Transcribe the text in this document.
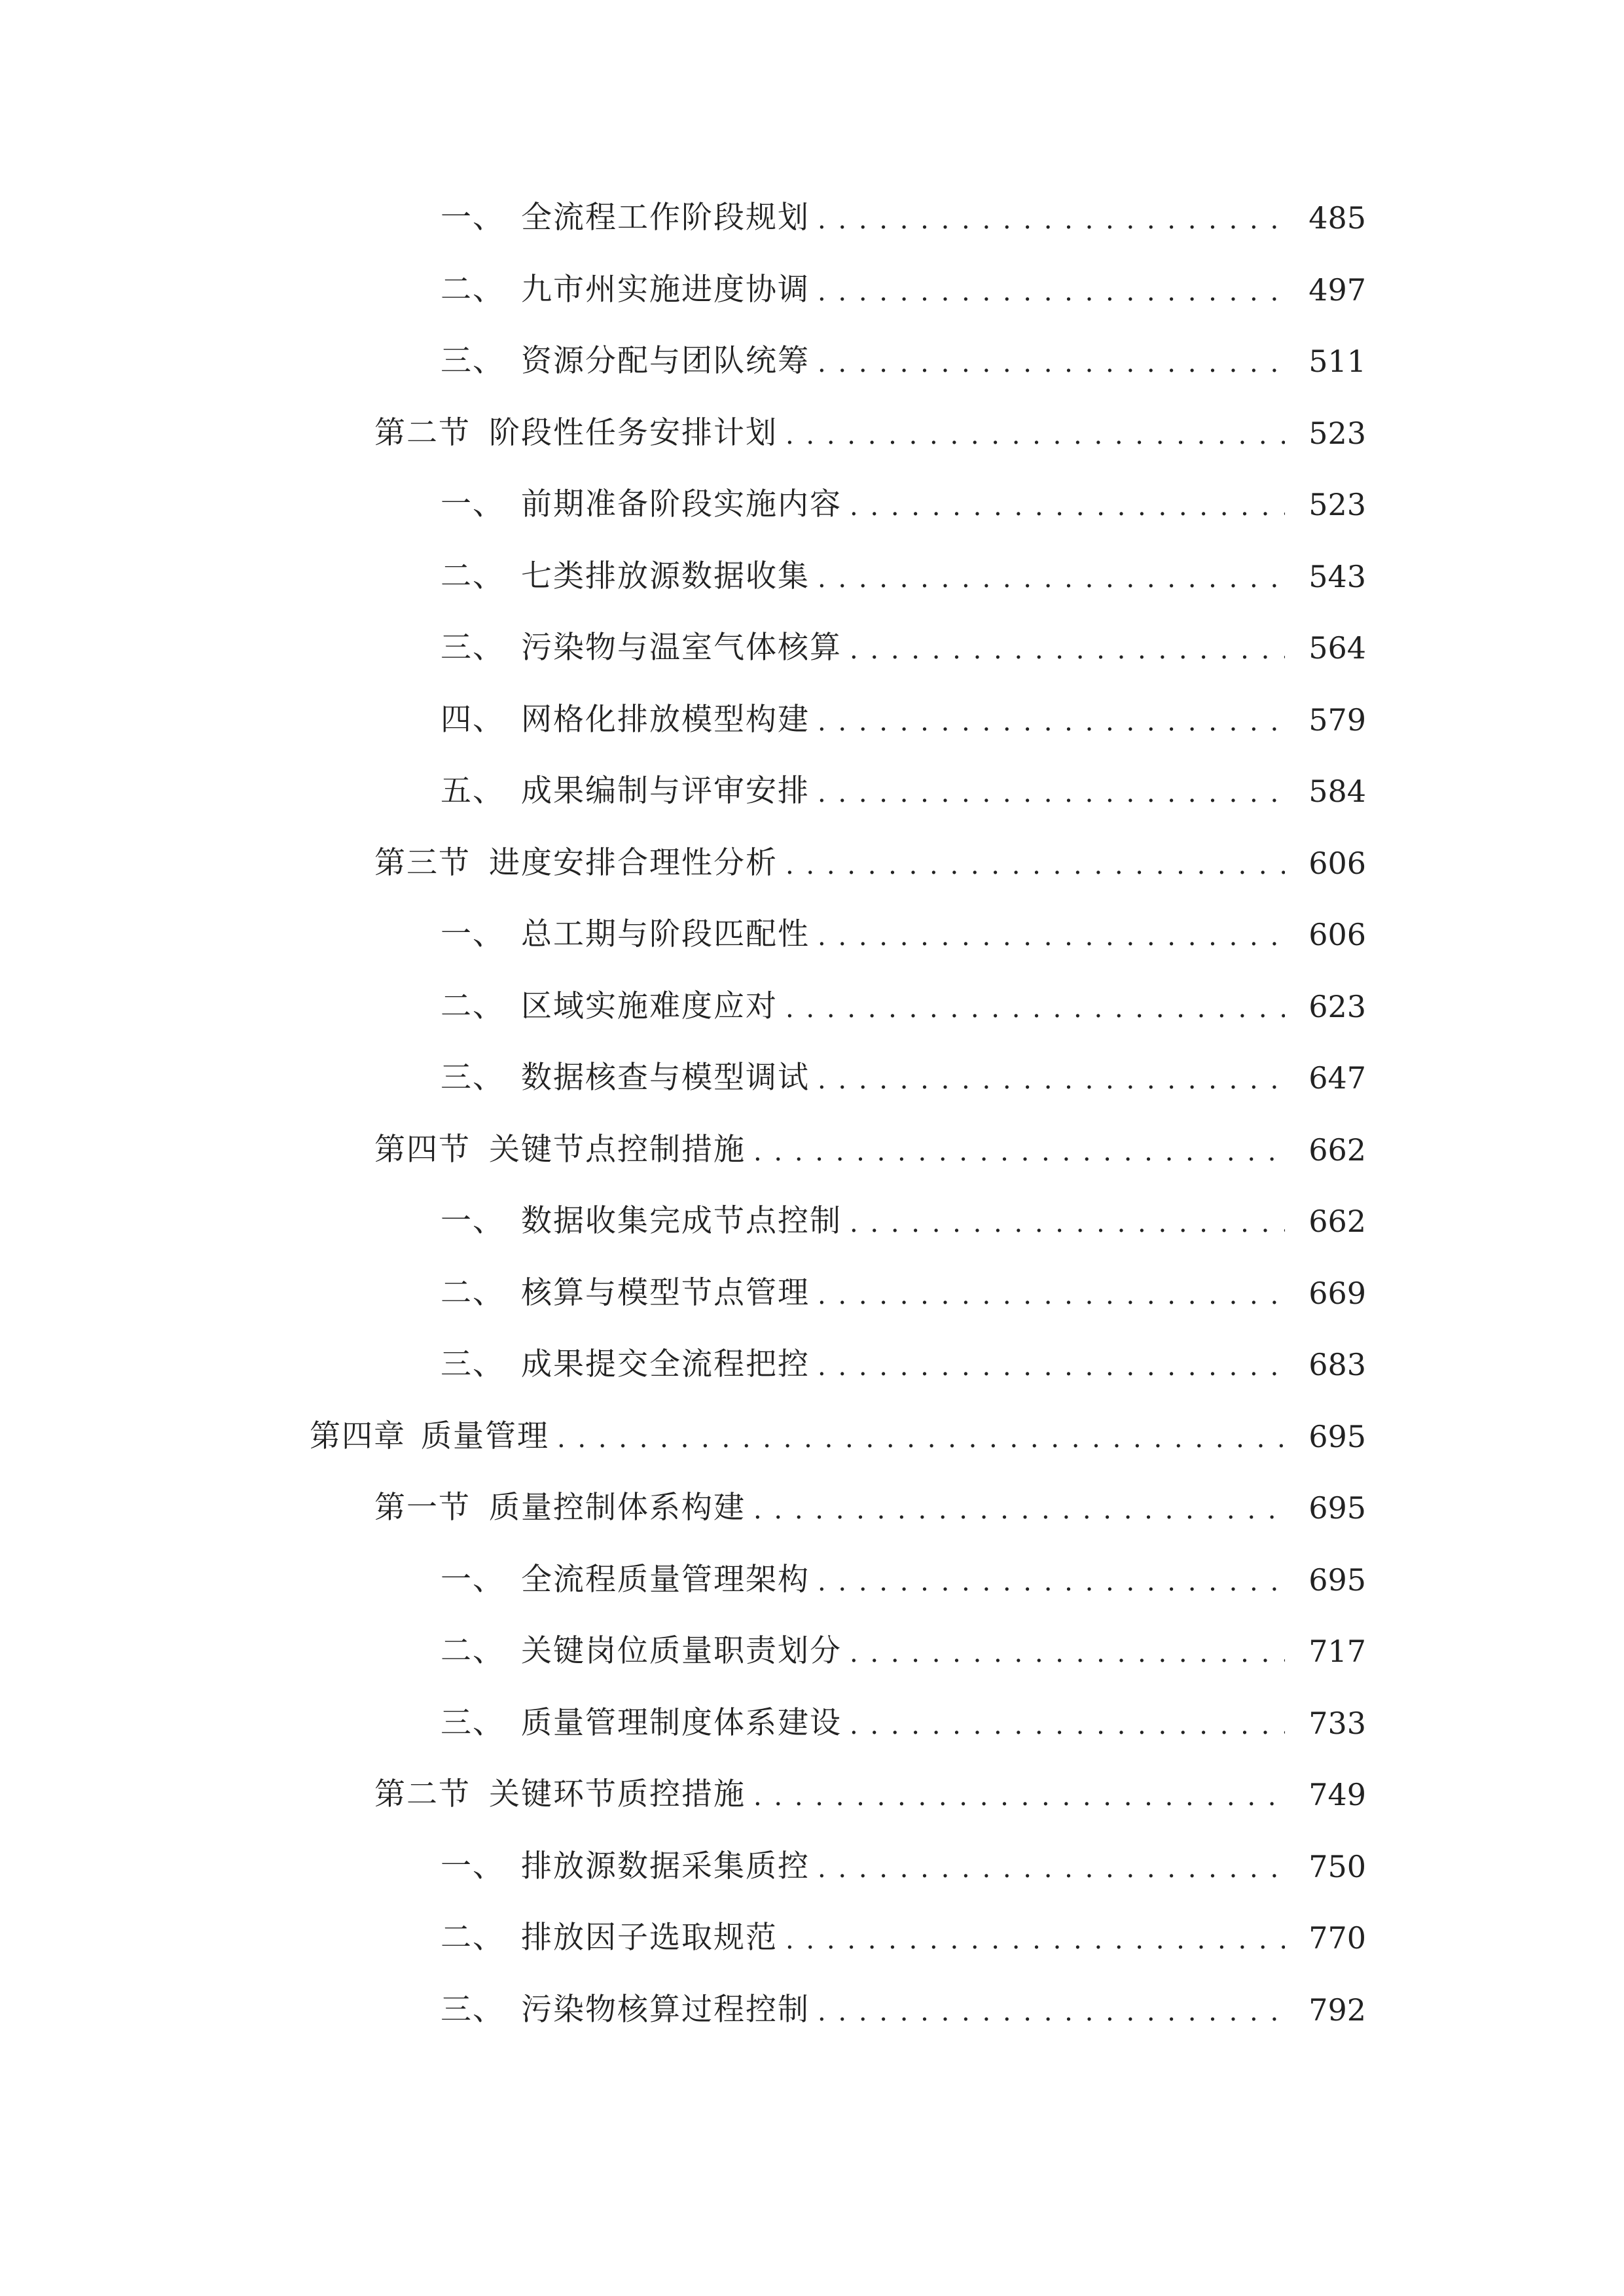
一、 全流程工作阶段规划 . . .	485
二、 九市州实施进度协调 . . .	497
三、 资源分配与团队统筹 . . .	511
第二节 阶段性任务安排计划 . . .	523
一、 前期准备阶段实施内容 . . .	523
二、 七类排放源数据收集 . . .	543
三、 污染物与温室气体核算 . . .	564
四、 网格化排放模型构建 . . .	579
五、 成果编制与评审安排 . . .	584
第三节 进度安排合理性分析 . . .	606
一、 总工期与阶段匹配性 . . .	606
二、 区域实施难度应对 . . .	623
三、 数据核查与模型调试 . . .	647
第四节 关键节点控制措施 . . .	662
一、 数据收集完成节点控制 . . .	662
二、 核算与模型节点管理 . . .	669
三、 成果提交全流程把控 . . .	683
第四章 质量管理 . . .	695
第一节 质量控制体系构建 . . .	695
一、 全流程质量管理架构 . . .	695
二、 关键岗位质量职责划分 . . .	717
三、 质量管理制度体系建设 . . .	733
第二节 关键环节质控措施 . . .	749
一、 排放源数据采集质控 . . .	750
二、 排放因子选取规范 . . .	770
三、 污染物核算过程控制 . . .	792
